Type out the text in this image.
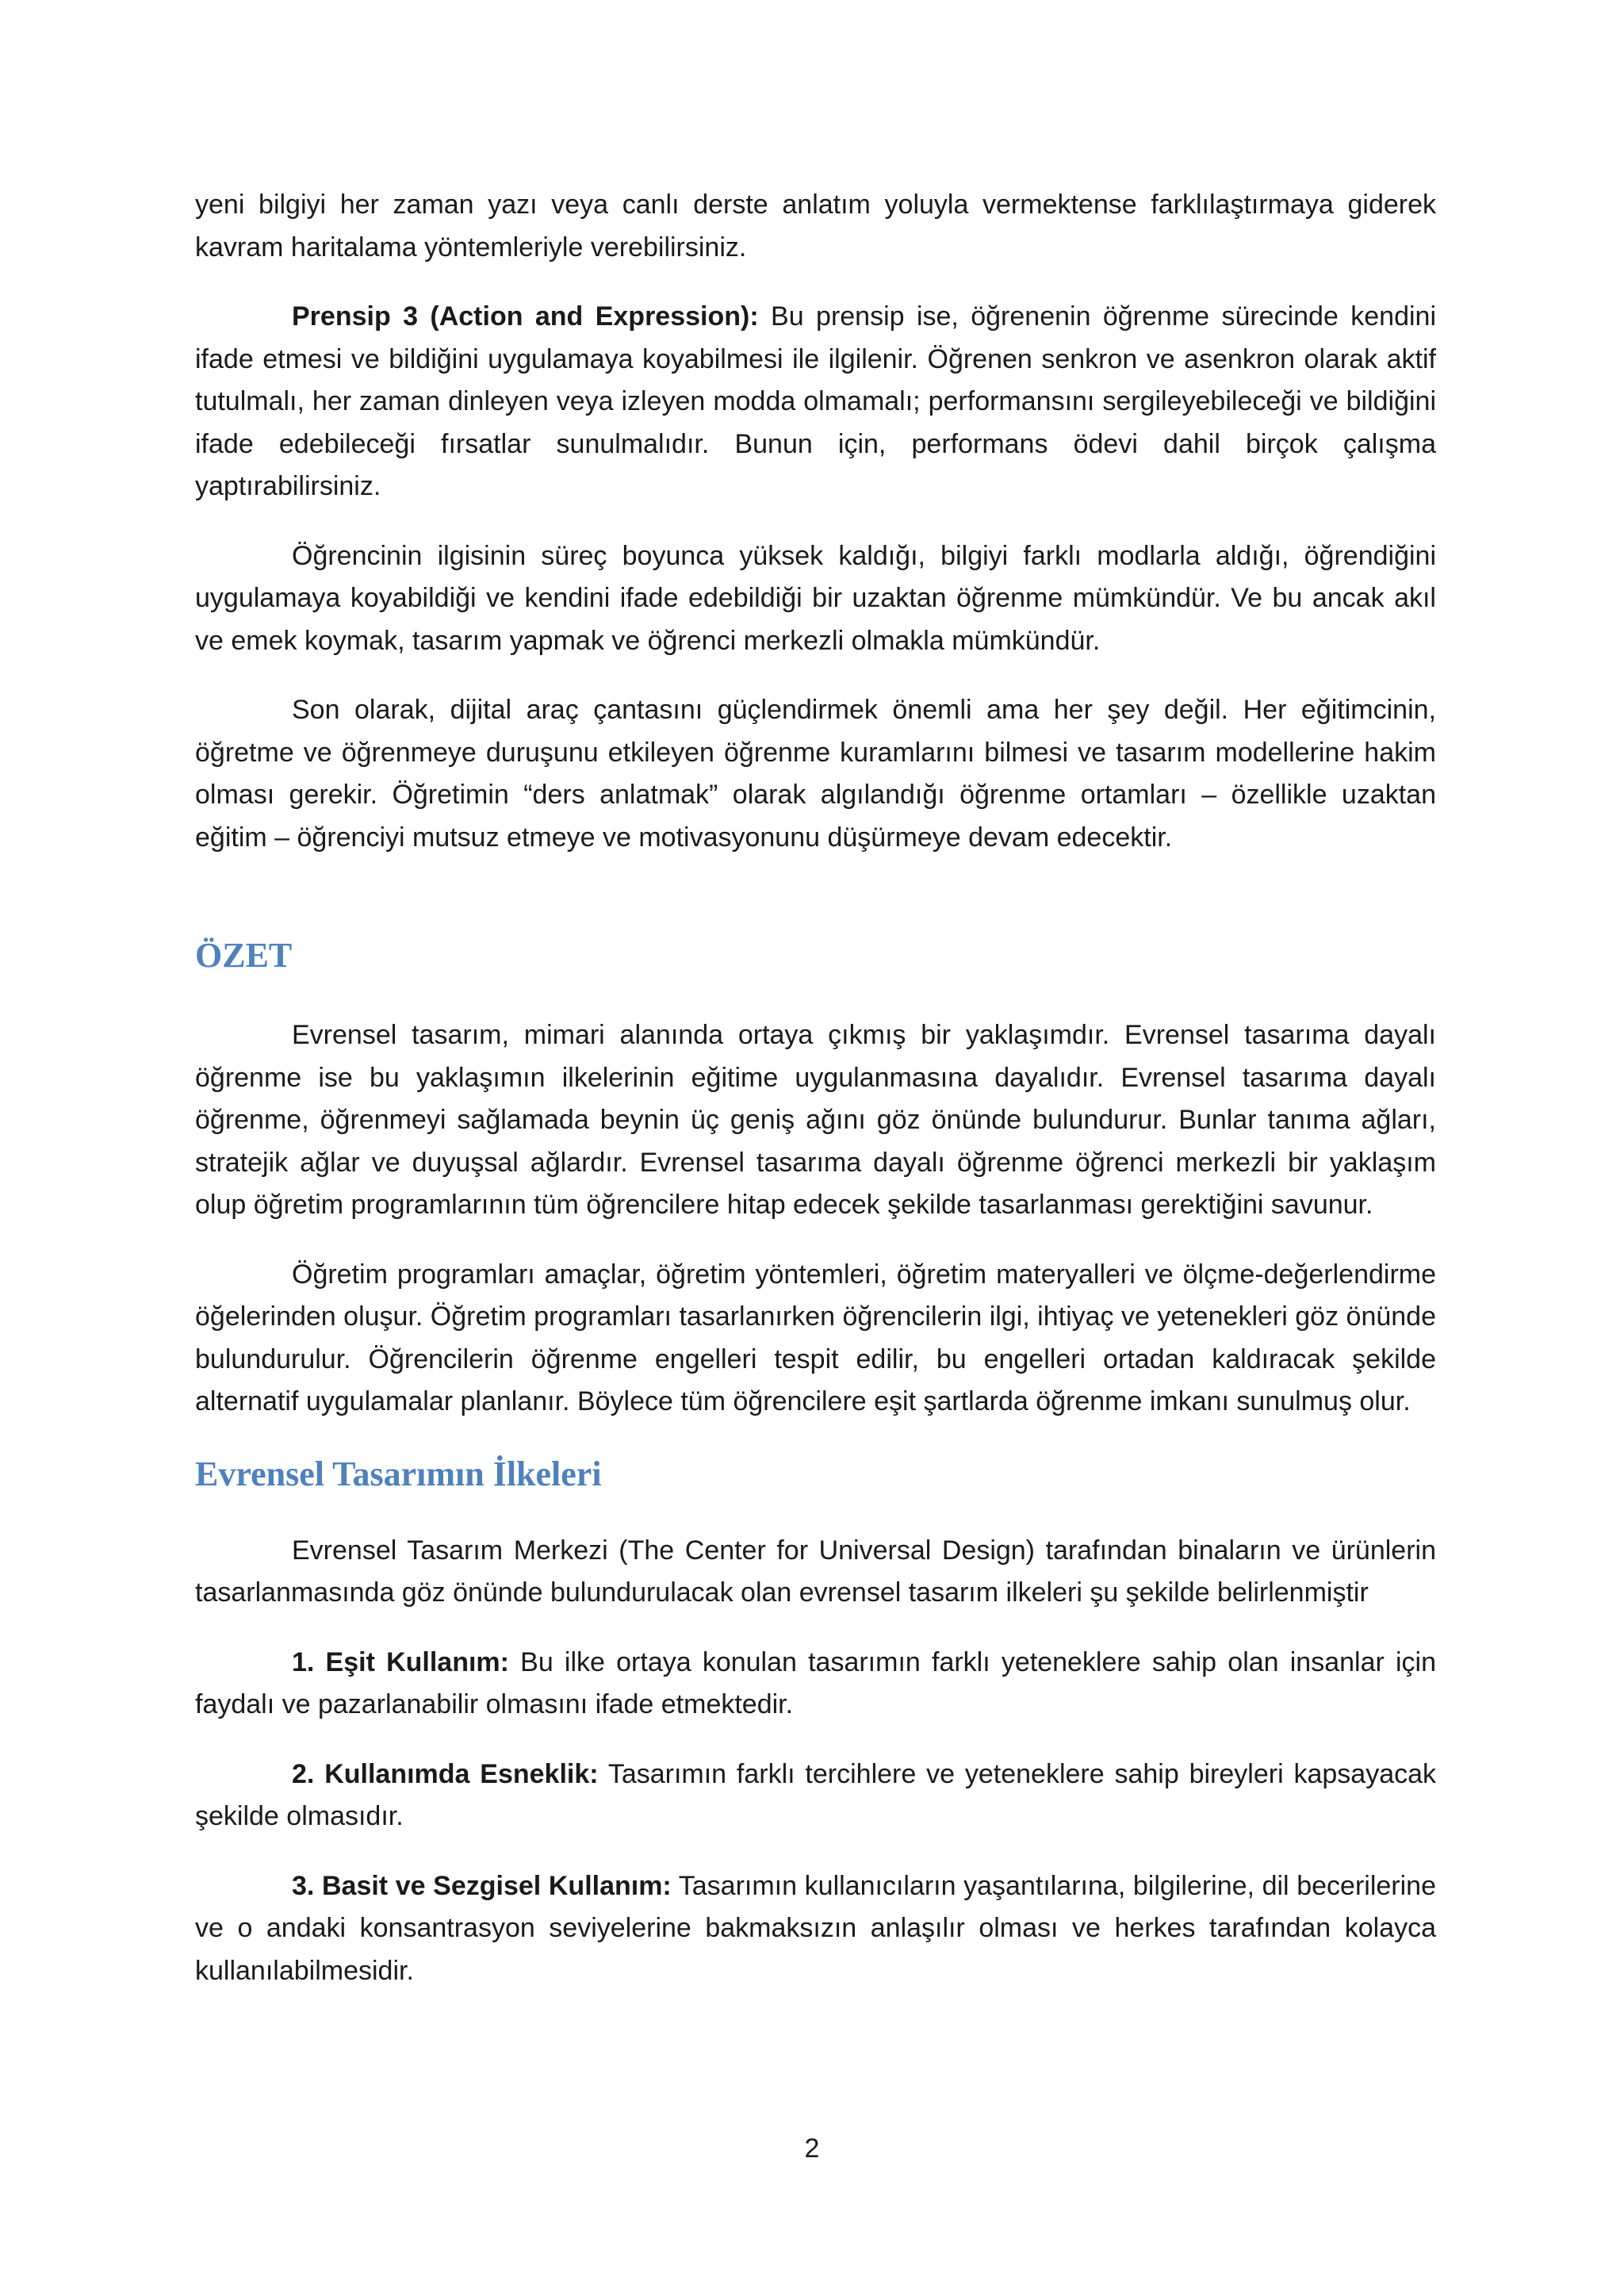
yeni bilgiyi her zaman yazı veya canlı derste anlatım yoluyla vermektense farklılaştırmaya giderek kavram haritalama yöntemleriyle verebilirsiniz.

Prensip 3 (Action and Expression): Bu prensip ise, öğrenenin öğrenme sürecinde kendini ifade etmesi ve bildiğini uygulamaya koyabilmesi ile ilgilenir. Öğrenen senkron ve asenkron olarak aktif tutulmalı, her zaman dinleyen veya izleyen modda olmamalı; performansını sergileyebileceği ve bildiğini ifade edebileceği fırsatlar sunulmalıdır. Bunun için, performans ödevi dahil birçok çalışma yaptırabilirsiniz.

Öğrencinin ilgisinin süreç boyunca yüksek kaldığı, bilgiyi farklı modlarla aldığı, öğrendiğini uygulamaya koyabildiği ve kendini ifade edebildiği bir uzaktan öğrenme mümkündür. Ve bu ancak akıl ve emek koymak, tasarım yapmak ve öğrenci merkezli olmakla mümkündür.

Son olarak, dijital araç çantasını güçlendirmek önemli ama her şey değil. Her eğitimcinin, öğretme ve öğrenmeye duruşunu etkileyen öğrenme kuramlarını bilmesi ve tasarım modellerine hakim olması gerekir. Öğretimin “ders anlatmak” olarak algılandığı öğrenme ortamları – özellikle uzaktan eğitim – öğrenciyi mutsuz etmeye ve motivasyonunu düşürmeye devam edecektir.

ÖZET

Evrensel tasarım, mimari alanında ortaya çıkmış bir yaklaşımdır. Evrensel tasarıma dayalı öğrenme ise bu yaklaşımın ilkelerinin eğitime uygulanmasına dayalıdır. Evrensel tasarıma dayalı öğrenme, öğrenmeyi sağlamada beynin üç geniş ağını göz önünde bulundurur. Bunlar tanıma ağları, stratejik ağlar ve duyuşsal ağlardır. Evrensel tasarıma dayalı öğrenme öğrenci merkezli bir yaklaşım olup öğretim programlarının tüm öğrencilere hitap edecek şekilde tasarlanması gerektiğini savunur.

Öğretim programları amaçlar, öğretim yöntemleri, öğretim materyalleri ve ölçme-değerlendirme öğelerinden oluşur. Öğretim programları tasarlanırken öğrencilerin ilgi, ihtiyaç ve yetenekleri göz önünde bulundurulur. Öğrencilerin öğrenme engelleri tespit edilir, bu engelleri ortadan kaldıracak şekilde alternatif uygulamalar planlanır. Böylece tüm öğrencilere eşit şartlarda öğrenme imkanı sunulmuş olur.

Evrensel Tasarımın İlkeleri

Evrensel Tasarım Merkezi (The Center for Universal Design) tarafından binaların ve ürünlerin tasarlanmasında göz önünde bulundurulacak olan evrensel tasarım ilkeleri şu şekilde belirlenmiştir

1. Eşit Kullanım: Bu ilke ortaya konulan tasarımın farklı yeteneklere sahip olan insanlar için faydalı ve pazarlanabilir olmasını ifade etmektedir.

2. Kullanımda Esneklik: Tasarımın farklı tercihlere ve yeteneklere sahip bireyleri kapsayacak şekilde olmasıdır.

3. Basit ve Sezgisel Kullanım: Tasarımın kullanıcıların yaşantılarına, bilgilerine, dil becerilerine ve o andaki konsantrasyon seviyelerine bakmaksızın anlaşılır olması ve herkes tarafından kolayca kullanılabilmesidir.

2
